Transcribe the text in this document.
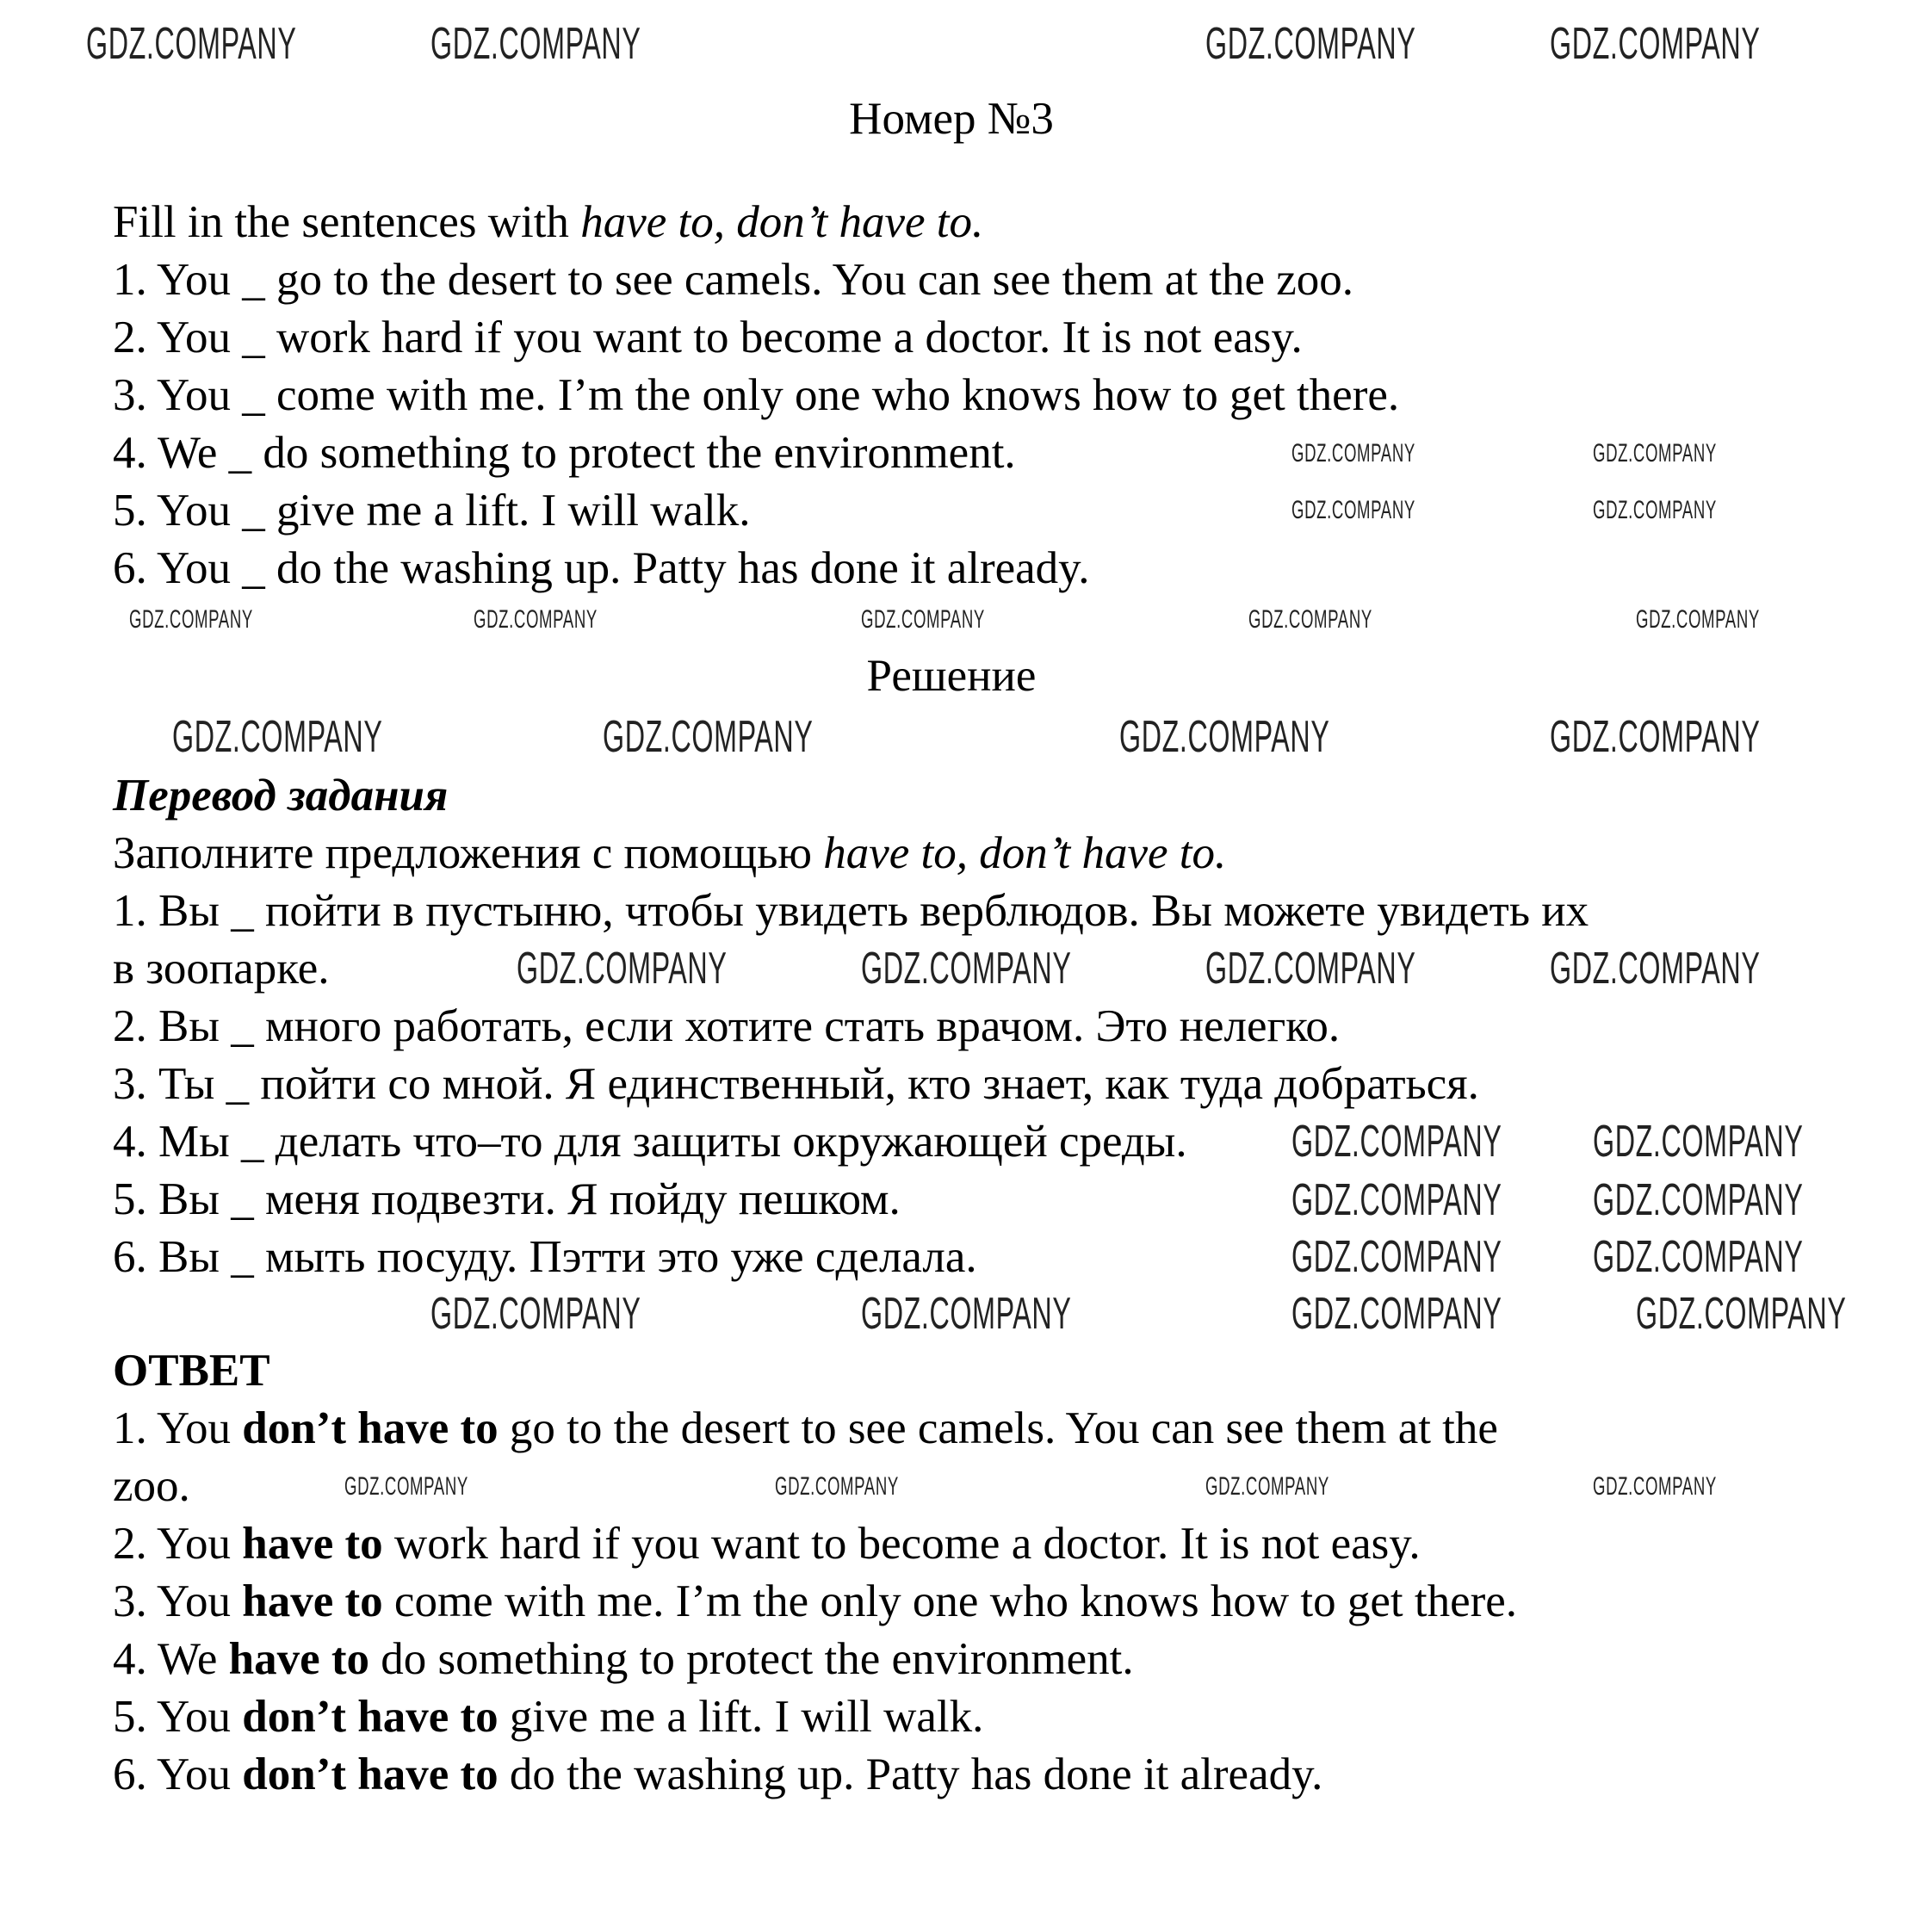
Номер №3
Fill in the sentences with have to, don’t have to.
1. You _ go to the desert to see camels. You can see them at the zoo.
2. You _ work hard if you want to become a doctor. It is not easy.
3. You _ come with me. I’m the only one who knows how to get there.
4. We _ do something to protect the environment.
5. You _ give me a lift. I will walk.
6. You _ do the washing up. Patty has done it already.
Решение
Перевод задания
Заполните предложения с помощью have to, don’t have to.
1. Вы _ пойти в пустыню, чтобы увидеть верблюдов. Вы можете увидеть их
в зоопарке.
2. Вы _ много работать, если хотите стать врачом. Это нелегко.
3. Ты _ пойти со мной. Я единственный, кто знает, как туда добраться.
4. Мы _ делать что–то для защиты окружающей среды.
5. Вы _ меня подвезти. Я пойду пешком.
6. Вы _ мыть посуду. Пэтти это уже сделала.
ОТВЕТ
1. You don’t have to go to the desert to see camels. You can see them at the
zoo.
2. You have to work hard if you want to become a doctor. It is not easy.
3. You have to come with me. I’m the only one who knows how to get there.
4. We have to do something to protect the environment.
5. You don’t have to give me a lift. I will walk.
6. You don’t have to do the washing up. Patty has done it already.
GDZ.COMPANY	GDZ.COMPANY	GDZ.COMPANY	GDZ.COMPANY
GDZ.COMPANY	GDZ.COMPANY	GDZ.COMPANY	GDZ.COMPANY	GDZ.COMPANY
GDZ.COMPANY	GDZ.COMPANY	GDZ.COMPANY	GDZ.COMPANY
GDZ.COMPANY	GDZ.COMPANY
GDZ.COMPANY	GDZ.COMPANY
GDZ.COMPANY	GDZ.COMPANY	GDZ.COMPANY	GDZ.COMPANY
GDZ.COMPANY GDZ.COMPANY
GDZ.COMPANY GDZ.COMPANY
GDZ.COMPANY GDZ.COMPANY
GDZ.COMPANY	GDZ.COMPANY	GDZ.COMPANY	GDZ.COMPANY
GDZ.COMPANY	GDZ.COMPANY	GDZ.COMPANY	GDZ.COMPANY
